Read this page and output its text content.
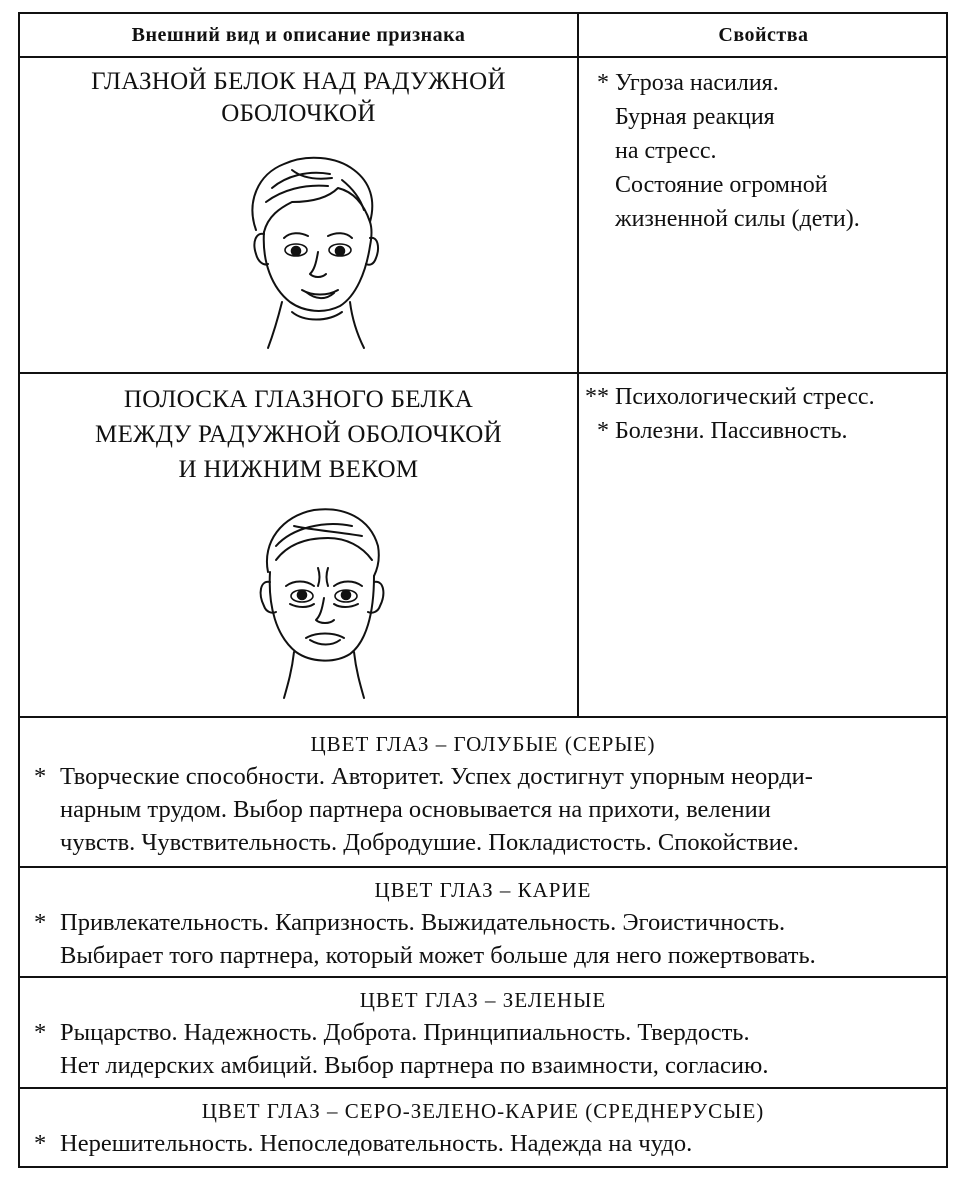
Внешний вид и описание признака	Свойства
ГЛАЗНОЙ БЕЛОК НАД РАДУЖНОЙ
ОБОЛОЧКОЙ
* Угроза насилия.
Бурная реакция
на стресс.
Состояние огромной
жизненной силы (дети).
ПОЛОСКА ГЛАЗНОГО БЕЛКА
МЕЖДУ РАДУЖНОЙ ОБОЛОЧКОЙ
И НИЖНИМ ВЕКОМ
** Психологический стресс.
* Болезни. Пассивность.
ЦВЕТ ГЛАЗ – ГОЛУБЫЕ (СЕРЫЕ)
* Творческие способности. Авторитет. Успех достигнут упорным неорди-
нарным трудом. Выбор партнера основывается на прихоти, велении
чувств. Чувствительность. Добродушие. Покладистость. Спокойствие.
ЦВЕТ ГЛАЗ – КАРИЕ
* Привлекательность. Капризность. Выжидательность. Эгоистичность.
Выбирает того партнера, который может больше для него пожертвовать.
ЦВЕТ ГЛАЗ – ЗЕЛЕНЫЕ
* Рыцарство. Надежность. Доброта. Принципиальность. Твердость.
Нет лидерских амбиций. Выбор партнера по взаимности, согласию.
ЦВЕТ ГЛАЗ – СЕРО-ЗЕЛЕНО-КАРИЕ (СРЕДНЕРУСЫЕ)
* Нерешительность. Непоследовательность. Надежда на чудо.
